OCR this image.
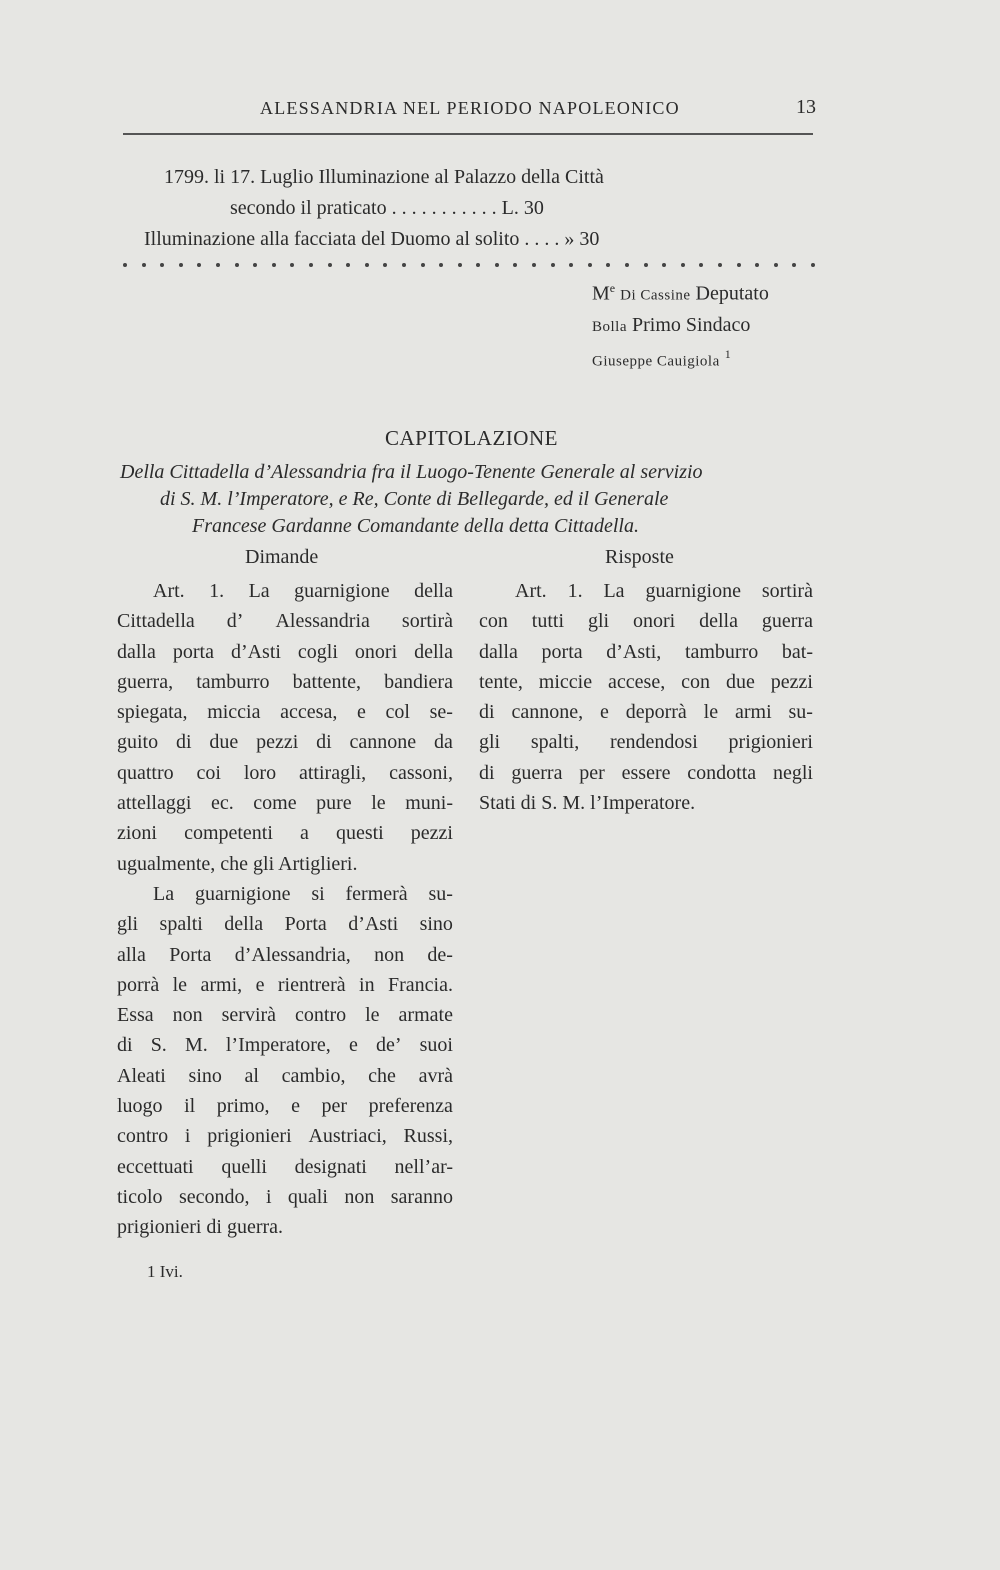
ALESSANDRIA NEL PERIODO NAPOLEONICO	13
1799. li 17. Luglio Illuminazione al Palazzo della Città
secondo il praticato . . . . . . . . . . . L. 30
Illuminazione alla facciata del Duomo al solito . . . . » 30
Me Di Cassine Deputato
Bolla Primo Sindaco
Giuseppe Cauigiola $^1$
CAPITOLAZIONE
Della Cittadella d’Alessandria fra il Luogo-Tenente Generale al servizio
di S. M. l’Imperatore, e Re, Conte di Bellegarde, ed il Generale
Francese Gardanne Comandante della detta Cittadella.
Dimande	Risposte
Art. 1. La guarnigione della
Cittadella d’ Alessandria sortirà
dalla porta d’Asti cogli onori della
guerra, tamburro battente, bandiera
spiegata, miccia accesa, e col se-
guito di due pezzi di cannone da
quattro coi loro attiragli, cassoni,
attellaggi ec. come pure le muni-
zioni competenti a questi pezzi
ugualmente, che gli Artiglieri.
La guarnigione si fermerà su-
gli spalti della Porta d’Asti sino
alla Porta d’Alessandria, non de-
porrà le armi, e rientrerà in Francia.
Essa non servirà contro le armate
di S. M. l’Imperatore, e de’ suoi
Aleati sino al cambio, che avrà
luogo il primo, e per preferenza
contro i prigionieri Austriaci, Russi,
eccettuati quelli designati nell’ar-
ticolo secondo, i quali non saranno
prigionieri di guerra.
Art. 1. La guarnigione sortirà
con tutti gli onori della guerra
dalla porta d’Asti, tamburro bat-
tente, miccie accese, con due pezzi
di cannone, e deporrà le armi su-
gli spalti, rendendosi prigionieri
di guerra per essere condotta negli
Stati di S. M. l’Imperatore.
1 Ivi.
